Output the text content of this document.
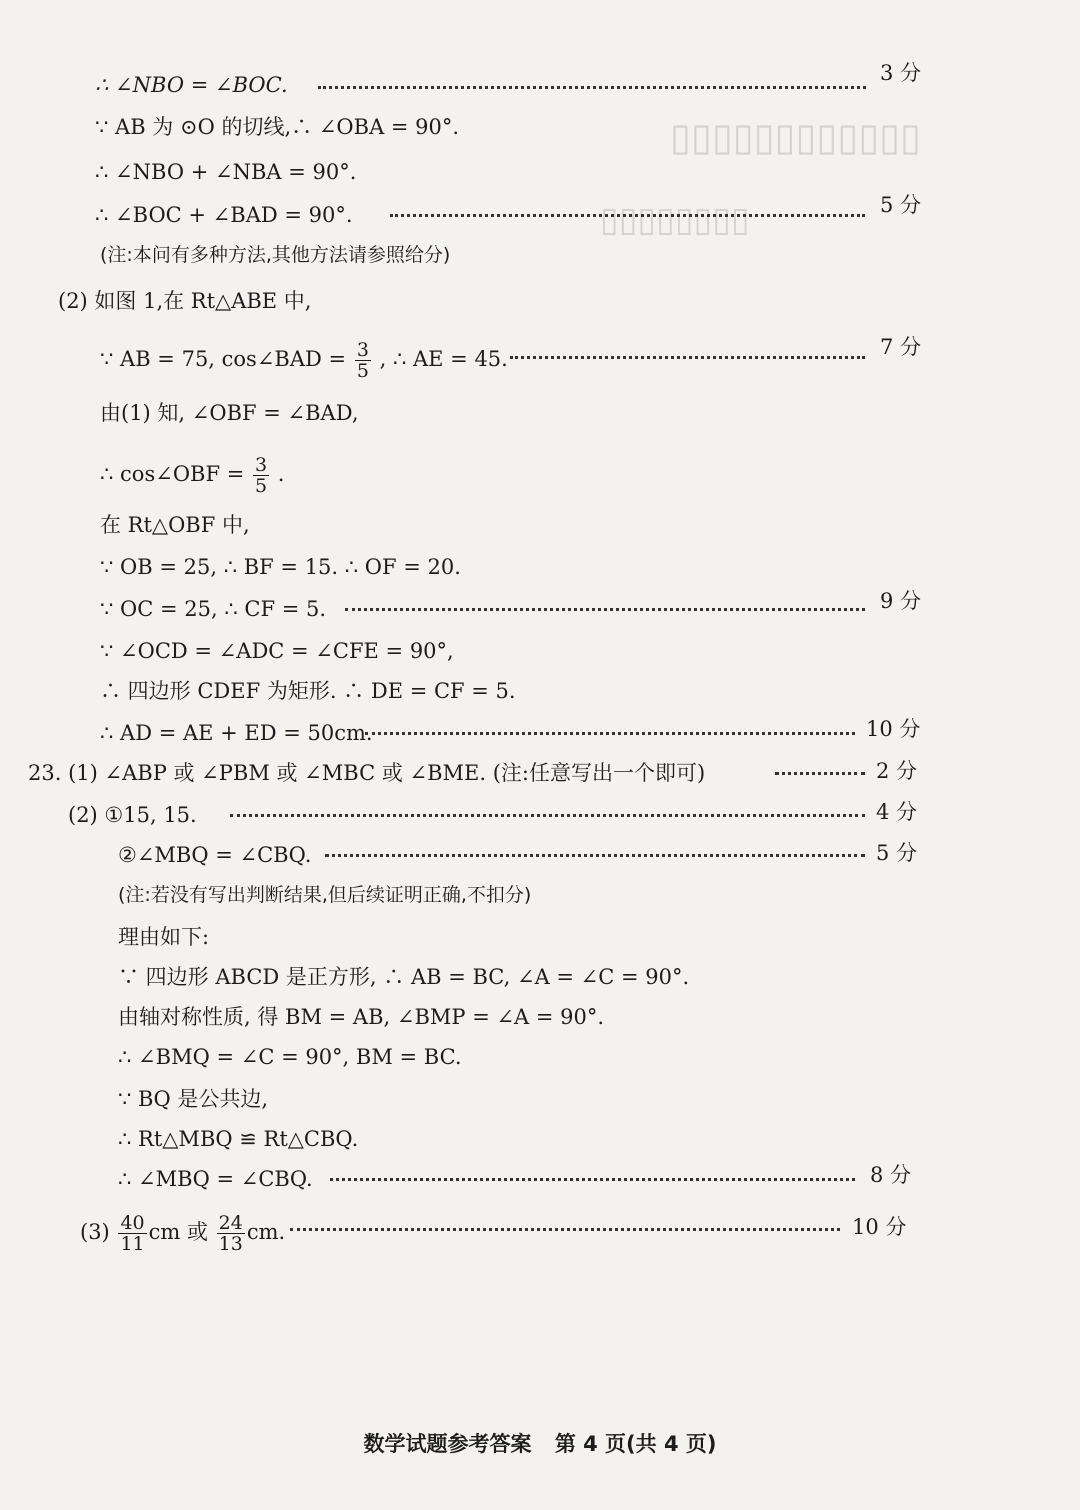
▯▯▯▯▯▯▯▯▯▯▯▯
▯▯▯▯▯▯▯▯
∴ ∠NBO = ∠BOC.	3 分
∵ AB 为 ⊙O 的切线,∴ ∠OBA = 90°.
∴ ∠NBO + ∠NBA = 90°.
∴ ∠BOC + ∠BAD = 90°.	5 分
(注:本问有多种方法,其他方法请参照给分)
(2) 如图 1,在 Rt△ABE 中,
∵ AB = 75, cos∠BAD = $\frac{3}{5}$ , ∴ AE = 45.	7 分
由(1) 知, ∠OBF = ∠BAD,
∴ cos∠OBF = $\frac{3}{5}$ .
在 Rt△OBF 中,
∵ OB = 25, ∴ BF = 15. ∴ OF = 20.
∵ OC = 25, ∴ CF = 5.	9 分
∵ ∠OCD = ∠ADC = ∠CFE = 90°,
∴ 四边形 CDEF 为矩形. ∴ DE = CF = 5.
∴ AD = AE + ED = 50cm.	10 分
23. (1) ∠ABP 或 ∠PBM 或 ∠MBC 或 ∠BME. (注:任意写出一个即可)	2 分
(2) ①15, 15.	4 分
②∠MBQ = ∠CBQ.	5 分
(注:若没有写出判断结果,但后续证明正确,不扣分)
理由如下:
∵ 四边形 ABCD 是正方形, ∴ AB = BC, ∠A = ∠C = 90°.
由轴对称性质, 得 BM = AB, ∠BMP = ∠A = 90°.
∴ ∠BMQ = ∠C = 90°, BM = BC.
∵ BQ 是公共边,
∴ Rt△MBQ ≌ Rt△CBQ.
∴ ∠MBQ = ∠CBQ.	8 分
$(3) \frac{40}{11}$ cm 或 $\frac{24}{13}$ cm.	10 分
数学试题参考答案 第 4 页(共 4 页)
